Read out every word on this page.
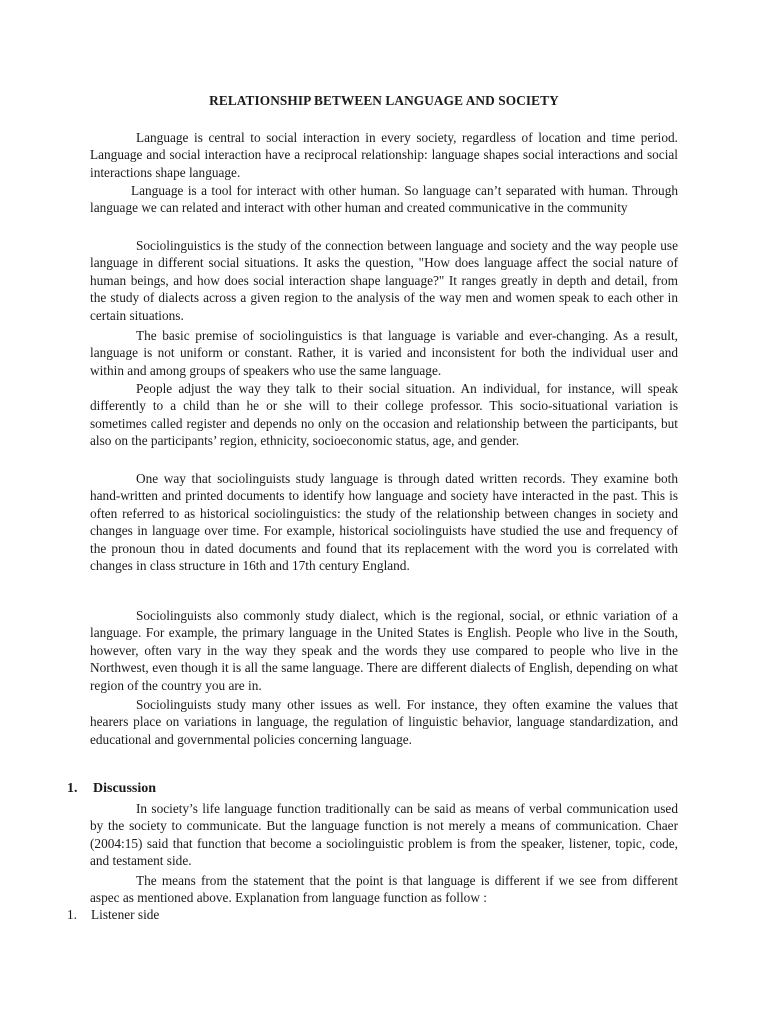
RELATIONSHIP BETWEEN LANGUAGE AND SOCIETY

Language is central to social interaction in every society, regardless of location and time period. Language and social interaction have a reciprocal relationship: language shapes social interactions and social interactions shape language.

Language is a tool for interact with other human. So language can’t separated with human. Through language we can related and interact with other human and created communicative in the community

Sociolinguistics is the study of the connection between language and society and the way people use language in different social situations. It asks the question, "How does language affect the social nature of human beings, and how does social interaction shape language?" It ranges greatly in depth and detail, from the study of dialects across a given region to the analysis of the way men and women speak to each other in certain situations.

The basic premise of sociolinguistics is that language is variable and ever-changing. As a result, language is not uniform or constant. Rather, it is varied and inconsistent for both the individual user and within and among groups of speakers who use the same language.

People adjust the way they talk to their social situation. An individual, for instance, will speak differently to a child than he or she will to their college professor. This socio-situational variation is sometimes called register and depends no only on the occasion and relationship between the participants, but also on the participants’ region, ethnicity, socioeconomic status, age, and gender.

One way that sociolinguists study language is through dated written records. They examine both hand-written and printed documents to identify how language and society have interacted in the past. This is often referred to as historical sociolinguistics: the study of the relationship between changes in society and changes in language over time. For example, historical sociolinguists have studied the use and frequency of the pronoun thou in dated documents and found that its replacement with the word you is correlated with changes in class structure in 16th and 17th century England.

Sociolinguists also commonly study dialect, which is the regional, social, or ethnic variation of a language. For example, the primary language in the United States is English. People who live in the South, however, often vary in the way they speak and the words they use compared to people who live in the Northwest, even though it is all the same language. There are different dialects of English, depending on what region of the country you are in.

Sociolinguists study many other issues as well. For instance, they often examine the values that hearers place on variations in language, the regulation of linguistic behavior, language standardization, and educational and governmental policies concerning language.

1. Discussion

In society’s life language function traditionally can be said as means of verbal communication used by the society to communicate. But the language function is not merely a means of communication. Chaer (2004:15) said that function that become a sociolinguistic problem is from the speaker, listener, topic, code, and testament side.

The means from the statement that the point is that language is different if we see from different aspec as mentioned above. Explanation from language function as follow :

1. Listener side
